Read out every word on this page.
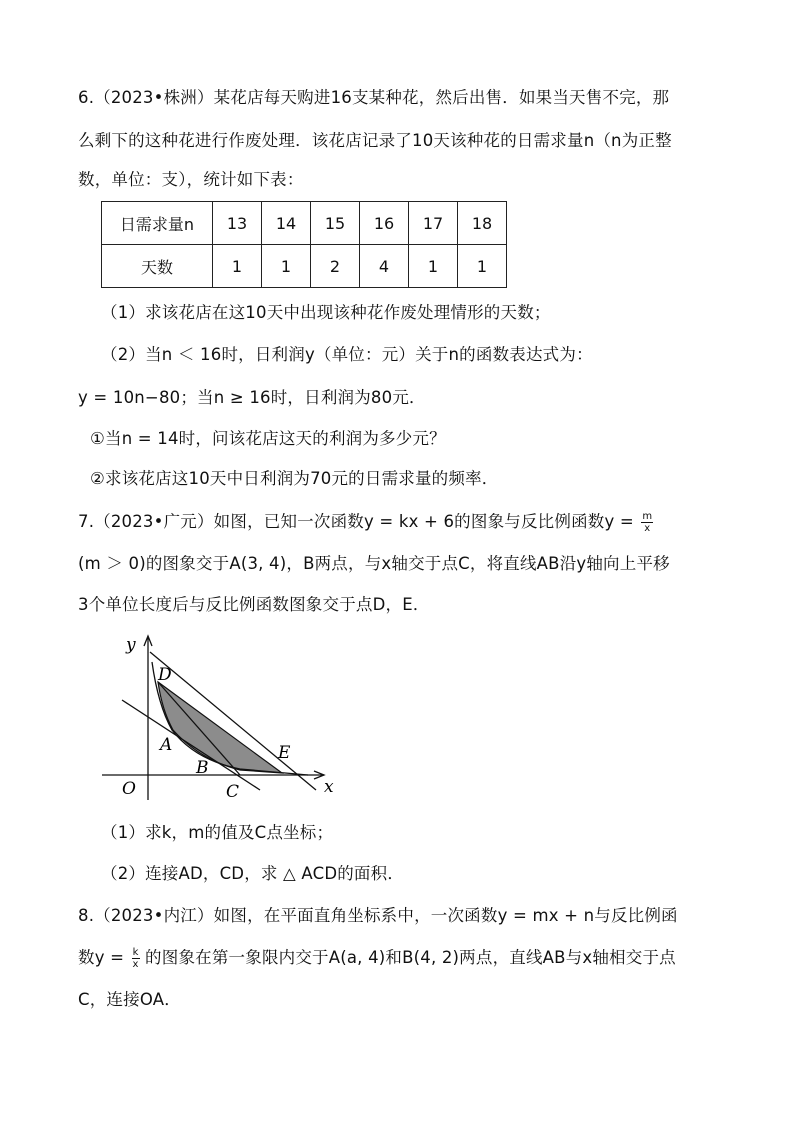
6.（2023•株洲）某花店每天购进16支某种花，然后出售．如果当天售不完，那
么剩下的这种花进行作废处理．该花店记录了10天该种花的日需求量n（n为正整
数，单位：支），统计如下表：
日需求量n	13	14	15	16	17	18
天数	1	1	2	4	1	1
（1）求该花店在这10天中出现该种花作废处理情形的天数；
（2）当n ＜ 16时，日利润y（单位：元）关于n的函数表达式为：
y = 10n−80；当n ≥ 16时，日利润为80元．
①当n = 14时，问该花店这天的利润为多少元？
②求该花店这10天中日利润为70元的日需求量的频率．
7.（2023•广元）如图，已知一次函数y = kx + 6的图象与反比例函数$y = \frac{m}{x}$
(m ＞ 0)的图象交于A(3, 4)，B两点，与x轴交于点C，将直线AB沿y轴向上平移
3个单位长度后与反比例函数图象交于点D，E．
y
x
O
D
A
B
E
C
（1）求k，m的值及C点坐标；
（2）连接AD，CD，求 △ ACD的面积．
8.（2023•内江）如图，在平面直角坐标系中，一次函数y = mx + n与反比例函
数$y = \frac{k}{x}$ 的图象在第一象限内交于A(a, 4)和B(4, 2)两点，直线AB与x轴相交于点
C，连接OA．
